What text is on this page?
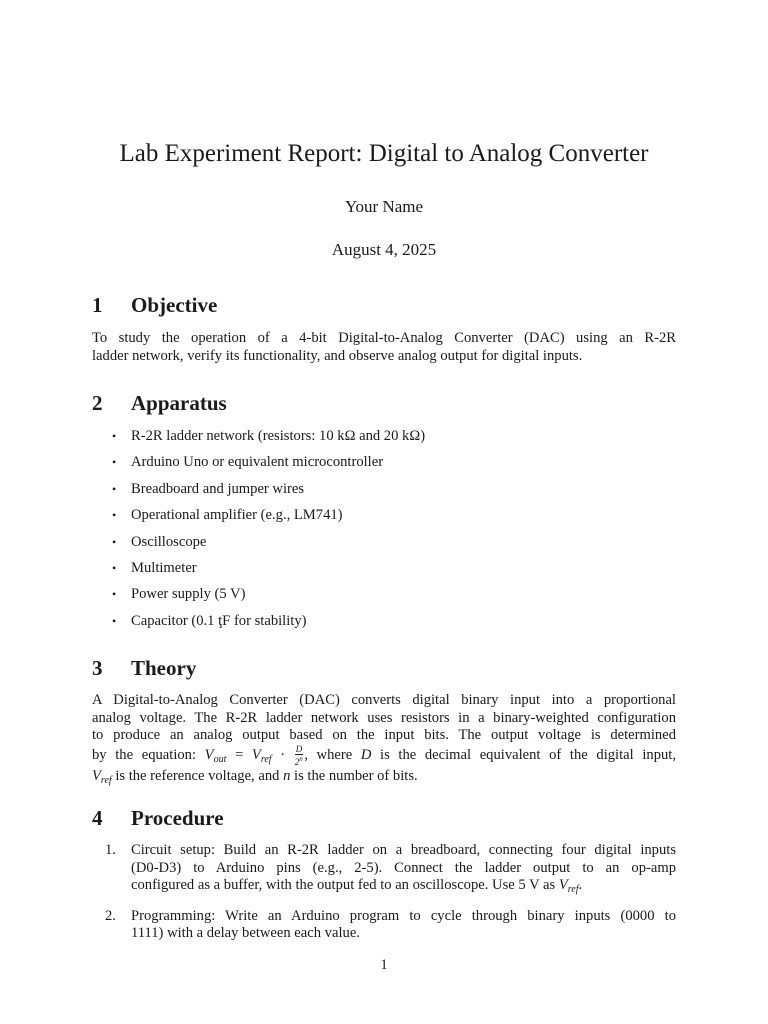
Lab Experiment Report: Digital to Analog Converter
Your Name
August 4, 2025
1 Objective
To study the operation of a 4-bit Digital-to-Analog Converter (DAC) using an R-2R
ladder network, verify its functionality, and observe analog output for digital inputs.
2 Apparatus
• R-2R ladder network (resistors: 10 kΩ and 20 kΩ)
• Arduino Uno or equivalent microcontroller
• Breadboard and jumper wires
• Operational amplifier (e.g., LM741)
• Oscilloscope
• Multimeter
• Power supply (5 V)
• Capacitor (0.1 ţF for stability)
3 Theory
A Digital-to-Analog Converter (DAC) converts digital binary input into a proportional
analog voltage. The R-2R ladder network uses resistors in a binary-weighted configuration
to produce an analog output based on the input bits. The output voltage is determined
by the equation: $V_{out} = V_{ref} \cdot \frac{D}{2^n}$ , where D is the decimal equivalent of the digital input,
$V_{ref}$ is the reference voltage, and n is the number of bits.
4 Procedure
1. Circuit setup: Build an R-2R ladder on a breadboard, connecting four digital inputs
(D0-D3) to Arduino pins (e.g., 2-5). Connect the ladder output to an op-amp
configured as a buffer, with the output fed to an oscilloscope. Use 5 V as $V_{ref}$.
2. Programming: Write an Arduino program to cycle through binary inputs (0000 to
1111) with a delay between each value.
1
